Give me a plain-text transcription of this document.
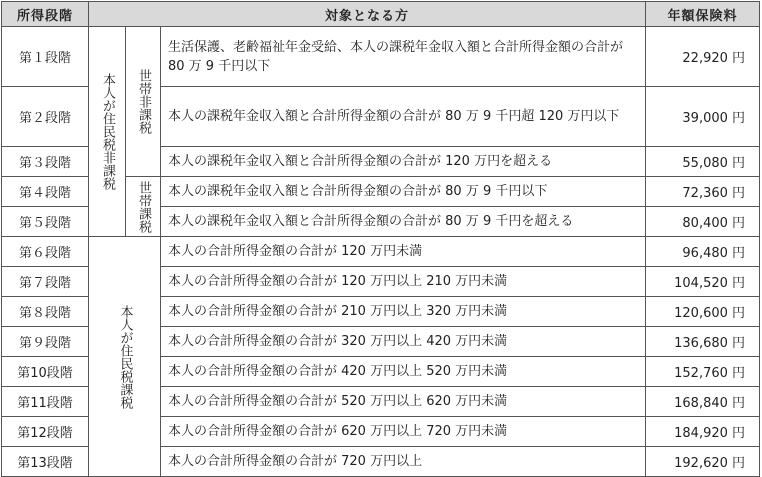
所得段階	対象となる方			年額保険料
第１段階	本人が住民税非課税	世帯非課税	生活保護、老齢福祉年金受給、本人の課税年金収入額と合計所得金額の合計が 80 万 9 千円以下	22,920 円
第２段階			本人の課税年金収入額と合計所得金額の合計が 80 万 9 千円超 120 万円以下	39,000 円
第３段階			本人の課税年金収入額と合計所得金額の合計が 120 万円を超える	55,080 円
第４段階		世帯課税	本人の課税年金収入額と合計所得金額の合計が 80 万 9 千円以下	72,360 円
第５段階			本人の課税年金収入額と合計所得金額の合計が 80 万 9 千円を超える	80,400 円
第６段階	本人が住民税課税		本人の合計所得金額の合計が 120 万円未満	96,480 円
第７段階			本人の合計所得金額の合計が 120 万円以上 210 万円未満	104,520 円
第８段階			本人の合計所得金額の合計が 210 万円以上 320 万円未満	120,600 円
第９段階			本人の合計所得金額の合計が 320 万円以上 420 万円未満	136,680 円
第10段階			本人の合計所得金額の合計が 420 万円以上 520 万円未満	152,760 円
第11段階			本人の合計所得金額の合計が 520 万円以上 620 万円未満	168,840 円
第12段階			本人の合計所得金額の合計が 620 万円以上 720 万円未満	184,920 円
第13段階			本人の合計所得金額の合計が 720 万円以上	192,620 円
